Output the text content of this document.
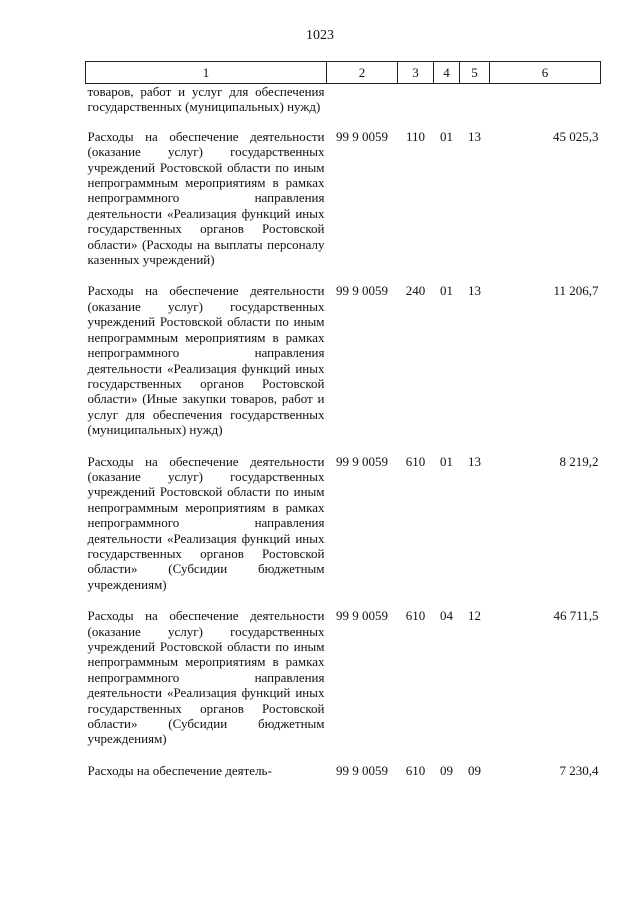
1023
1	2	3	4	5	6
товаров, работ и услуг для обеспечения государственных (муниципальных) нужд)					
Расходы на обеспечение деятельности (оказание услуг) государственных учреждений Ростовской области по иным непрограммным мероприятиям в рамках непрограммного направления деятельности «Реализация функций иных государственных органов Ростовской области» (Расходы на выплаты персоналу казенных учреждений)	99 9 0059	110	01	13	45 025,3
Расходы на обеспечение деятельности (оказание услуг) государственных учреждений Ростовской области по иным непрограммным мероприятиям в рамках непрограммного направления деятельности «Реализация функций иных государственных органов Ростовской области» (Иные закупки товаров, работ и услуг для обеспечения государственных (муниципальных) нужд)	99 9 0059	240	01	13	11 206,7
Расходы на обеспечение деятельности (оказание услуг) государственных учреждений Ростовской области по иным непрограммным мероприятиям в рамках непрограммного направления деятельности «Реализация функций иных государственных органов Ростовской области» (Субсидии бюджетным учреждениям)	99 9 0059	610	01	13	8 219,2
Расходы на обеспечение деятельности (оказание услуг) государственных учреждений Ростовской области по иным непрограммным мероприятиям в рамках непрограммного направления деятельности «Реализация функций иных государственных органов Ростовской области» (Субсидии бюджетным учреждениям)	99 9 0059	610	04	12	46 711,5
Расходы на обеспечение деятель-	99 9 0059	610	09	09	7 230,4
